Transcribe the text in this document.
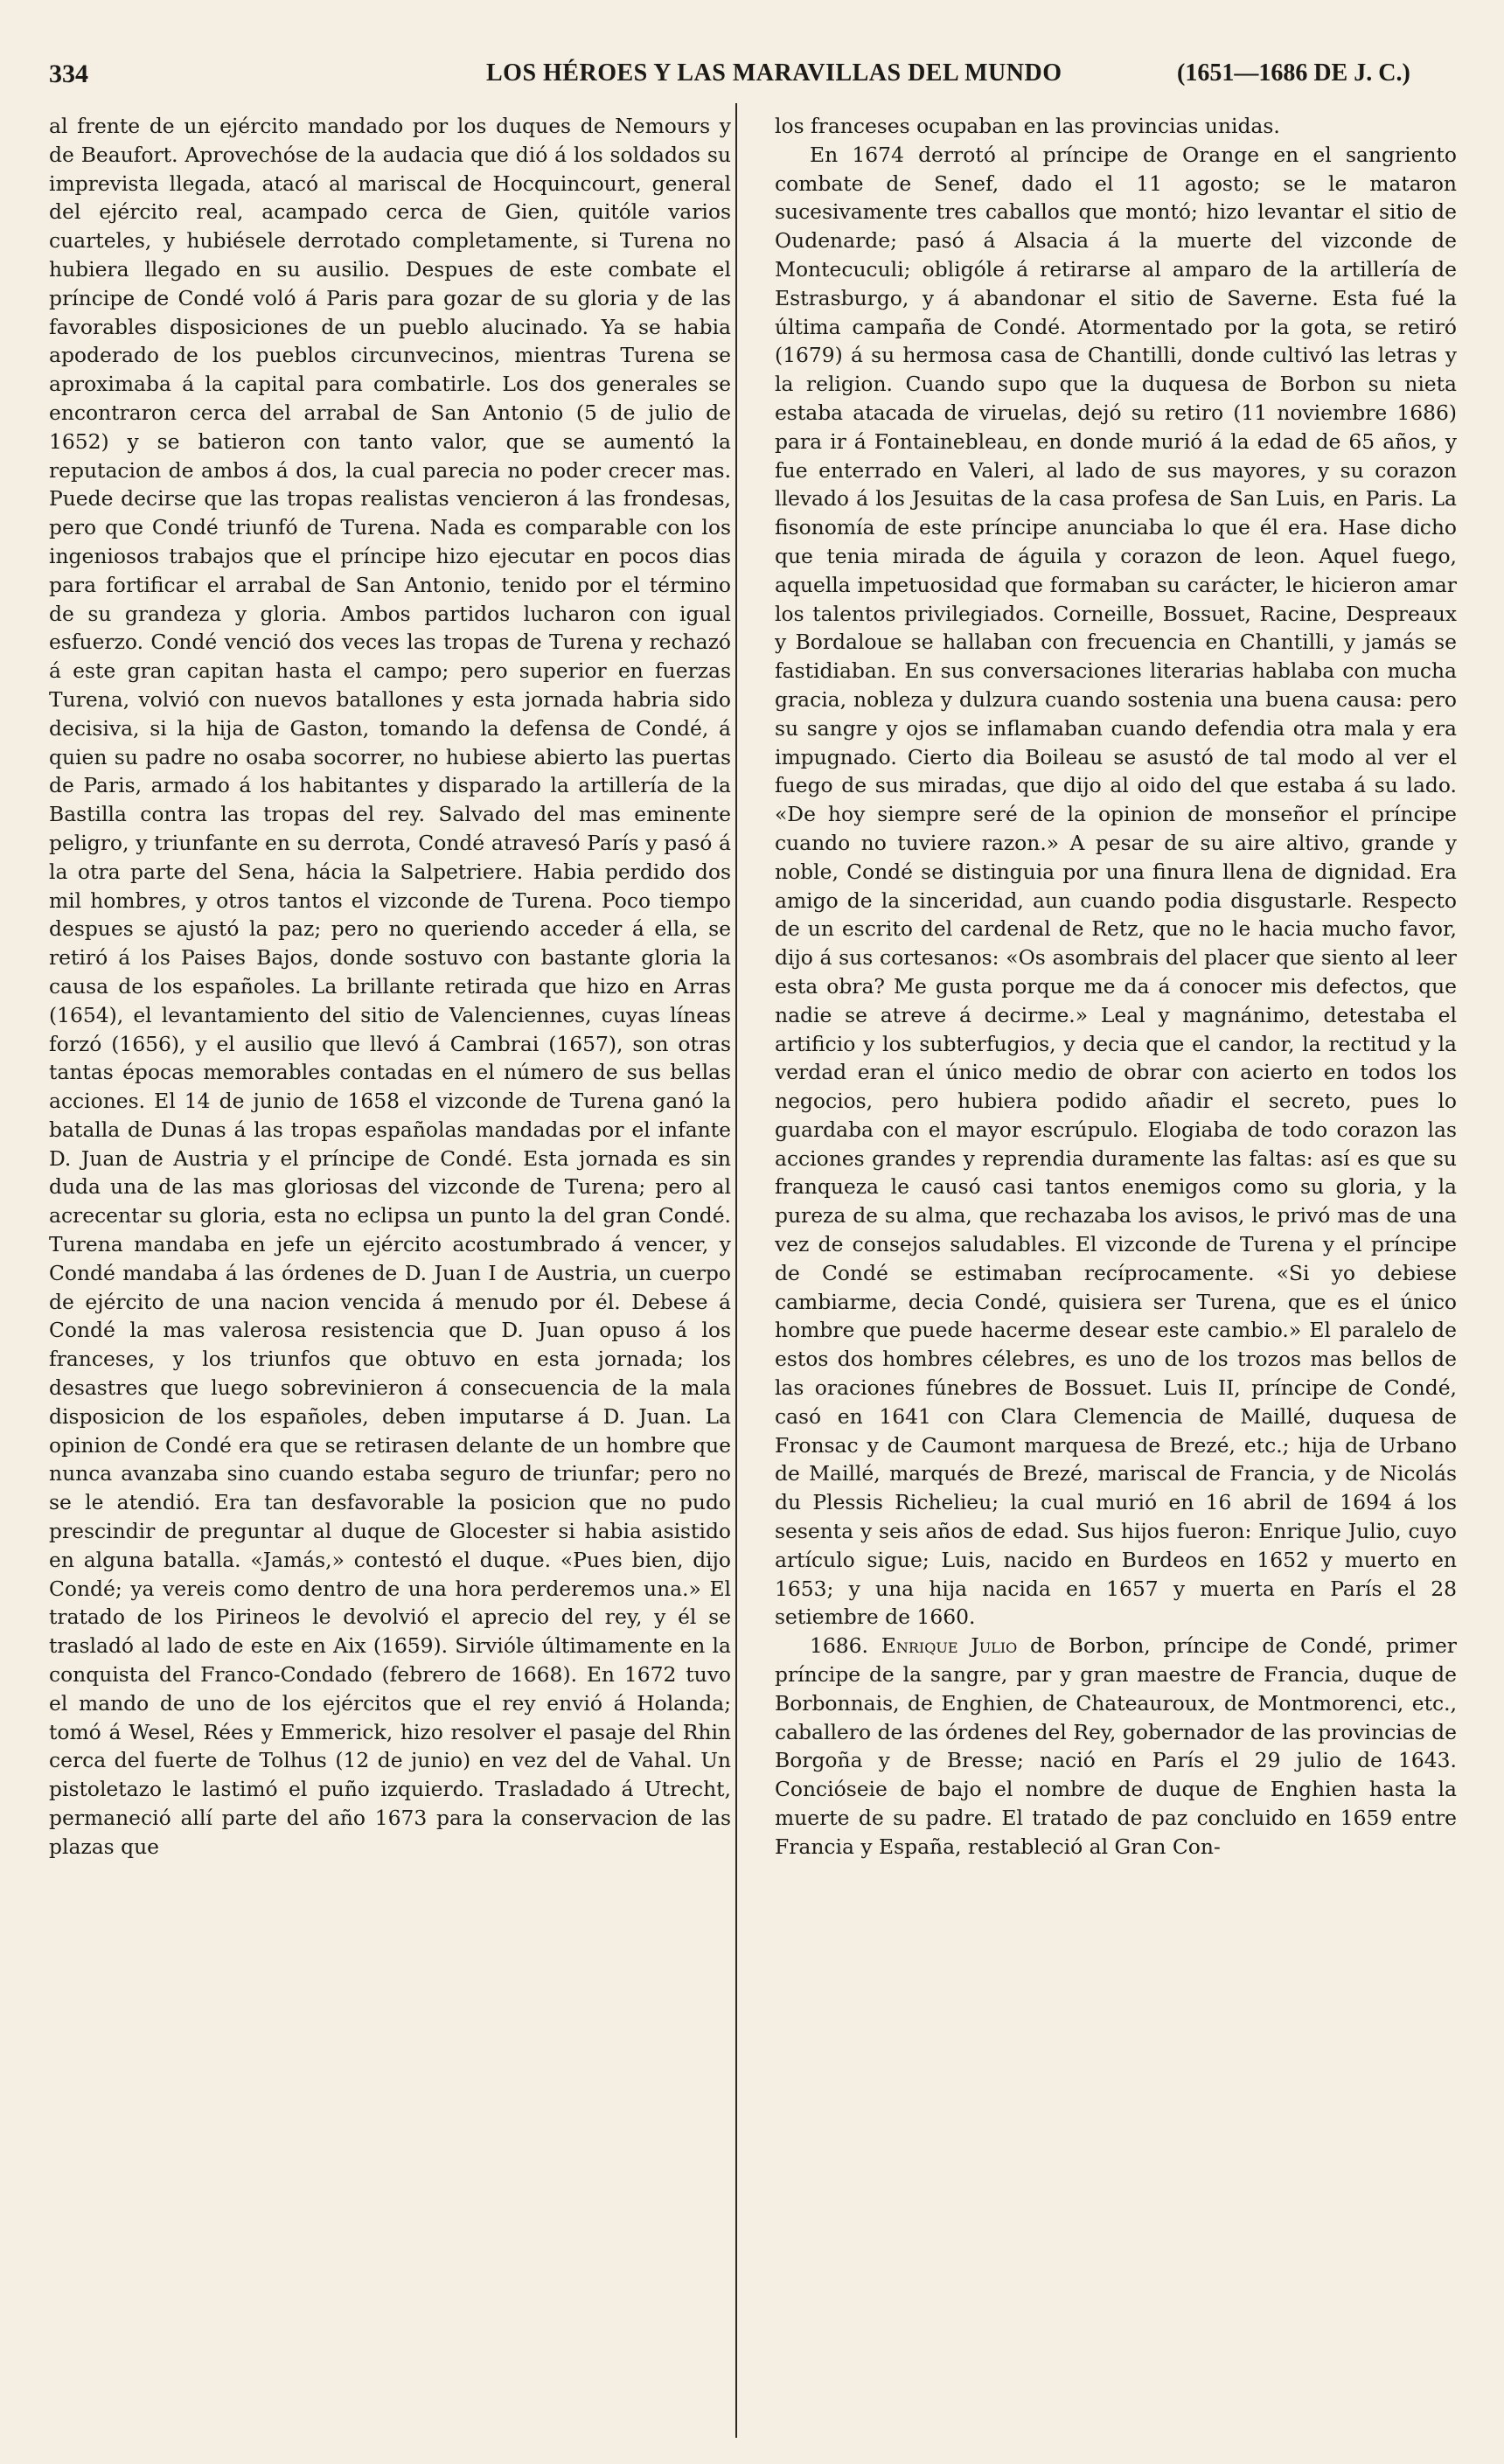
334	LOS HÉROES Y LAS MARAVILLAS DEL MUNDO	(1651—1686 DE J. C.)

al frente de un ejército mandado por los duques de Nemours y de Beaufort. Aprovechóse de la audacia que dió á los soldados su imprevista llegada, atacó al mariscal de Hocquincourt, general del ejército real, acampado cerca de Gien, quitóle varios cuarteles, y hubiésele derrotado completamente, si Turena no hubiera llegado en su ausilio. Despues de este combate el príncipe de Condé voló á Paris para gozar de su gloria y de las favorables disposiciones de un pueblo alucinado. Ya se habia apoderado de los pueblos circunvecinos, mientras Turena se aproximaba á la capital para combatirle. Los dos generales se encontraron cerca del arrabal de San Antonio (5 de julio de 1652) y se batieron con tanto valor, que se aumentó la reputacion de ambos á dos, la cual parecia no poder crecer mas. Puede decirse que las tropas realistas vencieron á las frondesas, pero que Condé triunfó de Turena. Nada es comparable con los ingeniosos trabajos que el príncipe hizo ejecutar en pocos dias para fortificar el arrabal de San Antonio, tenido por el término de su grandeza y gloria. Ambos partidos lucharon con igual esfuerzo. Condé venció dos veces las tropas de Turena y rechazó á este gran capitan hasta el campo; pero superior en fuerzas Turena, volvió con nuevos batallones y esta jornada habria sido decisiva, si la hija de Gaston, tomando la defensa de Condé, á quien su padre no osaba socorrer, no hubiese abierto las puertas de Paris, armado á los habitantes y disparado la artillería de la Bastilla contra las tropas del rey. Salvado del mas eminente peligro, y triunfante en su derrota, Condé atravesó París y pasó á la otra parte del Sena, hácia la Salpetriere. Habia perdido dos mil hombres, y otros tantos el vizconde de Turena. Poco tiempo despues se ajustó la paz; pero no queriendo acceder á ella, se retiró á los Paises Bajos, donde sostuvo con bastante gloria la causa de los españoles. La brillante retirada que hizo en Arras (1654), el levantamiento del sitio de Valenciennes, cuyas líneas forzó (1656), y el ausilio que llevó á Cambrai (1657), son otras tantas épocas memorables contadas en el número de sus bellas acciones. El 14 de junio de 1658 el vizconde de Turena ganó la batalla de Dunas á las tropas españolas mandadas por el infante D. Juan de Austria y el príncipe de Condé. Esta jornada es sin duda una de las mas gloriosas del vizconde de Turena; pero al acrecentar su gloria, esta no eclipsa un punto la del gran Condé. Turena mandaba en jefe un ejército acostumbrado á vencer, y Condé mandaba á las órdenes de D. Juan I de Austria, un cuerpo de ejército de una nacion vencida á menudo por él. Debese á Condé la mas valerosa resistencia que D. Juan opuso á los franceses, y los triunfos que obtuvo en esta jornada; los desastres que luego sobrevinieron á consecuencia de la mala disposicion de los españoles, deben imputarse á D. Juan. La opinion de Condé era que se retirasen delante de un hombre que nunca avanzaba sino cuando estaba seguro de triunfar; pero no se le atendió. Era tan desfavorable la posicion que no pudo prescindir de preguntar al duque de Glocester si habia asistido en alguna batalla. «Jamás,» contestó el duque. «Pues bien, dijo Condé; ya vereis como dentro de una hora perderemos una.» El tratado de los Pirineos le devolvió el aprecio del rey, y él se trasladó al lado de este en Aix (1659). Sirvióle últimamente en la conquista del Franco-Condado (febrero de 1668). En 1672 tuvo el mando de uno de los ejércitos que el rey envió á Holanda; tomó á Wesel, Rées y Emmerick, hizo resolver el pasaje del Rhin cerca del fuerte de Tolhus (12 de junio) en vez del de Vahal. Un pistoletazo le lastimó el puño izquierdo. Trasladado á Utrecht, permaneció allí parte del año 1673 para la conservacion de las plazas que

los franceses ocupaban en las provincias unidas.

En 1674 derrotó al príncipe de Orange en el sangriento combate de Senef, dado el 11 agosto; se le mataron sucesivamente tres caballos que montó; hizo levantar el sitio de Oudenarde; pasó á Alsacia á la muerte del vizconde de Montecuculi; obligóle á retirarse al amparo de la artillería de Estrasburgo, y á abandonar el sitio de Saverne. Esta fué la última campaña de Condé. Atormentado por la gota, se retiró (1679) á su hermosa casa de Chantilli, donde cultivó las letras y la religion. Cuando supo que la duquesa de Borbon su nieta estaba atacada de viruelas, dejó su retiro (11 noviembre 1686) para ir á Fontainebleau, en donde murió á la edad de 65 años, y fue enterrado en Valeri, al lado de sus mayores, y su corazon llevado á los Jesuitas de la casa profesa de San Luis, en Paris. La fisonomía de este príncipe anunciaba lo que él era. Hase dicho que tenia mirada de águila y corazon de leon. Aquel fuego, aquella impetuosidad que formaban su carácter, le hicieron amar los talentos privilegiados. Corneille, Bossuet, Racine, Despreaux y Bordaloue se hallaban con frecuencia en Chantilli, y jamás se fastidiaban. En sus conversaciones literarias hablaba con mucha gracia, nobleza y dulzura cuando sostenia una buena causa: pero su sangre y ojos se inflamaban cuando defendia otra mala y era impugnado. Cierto dia Boileau se asustó de tal modo al ver el fuego de sus miradas, que dijo al oido del que estaba á su lado. «De hoy siempre seré de la opinion de monseñor el príncipe cuando no tuviere razon.» A pesar de su aire altivo, grande y noble, Condé se distinguia por una finura llena de dignidad. Era amigo de la sinceridad, aun cuando podia disgustarle. Respecto de un escrito del cardenal de Retz, que no le hacia mucho favor, dijo á sus cortesanos: «Os asombrais del placer que siento al leer esta obra? Me gusta porque me da á conocer mis defectos, que nadie se atreve á decirme.» Leal y magnánimo, detestaba el artificio y los subterfugios, y decia que el candor, la rectitud y la verdad eran el único medio de obrar con acierto en todos los negocios, pero hubiera podido añadir el secreto, pues lo guardaba con el mayor escrúpulo. Elogiaba de todo corazon las acciones grandes y reprendia duramente las faltas: así es que su franqueza le causó casi tantos enemigos como su gloria, y la pureza de su alma, que rechazaba los avisos, le privó mas de una vez de consejos saludables. El vizconde de Turena y el príncipe de Condé se estimaban recíprocamente. «Si yo debiese cambiarme, decia Condé, quisiera ser Turena, que es el único hombre que puede hacerme desear este cambio.» El paralelo de estos dos hombres célebres, es uno de los trozos mas bellos de las oraciones fúnebres de Bossuet. Luis II, príncipe de Condé, casó en 1641 con Clara Clemencia de Maillé, duquesa de Fronsac y de Caumont marquesa de Brezé, etc.; hija de Urbano de Maillé, marqués de Brezé, mariscal de Francia, y de Nicolás du Plessis Richelieu; la cual murió en 16 abril de 1694 á los sesenta y seis años de edad. Sus hijos fueron: Enrique Julio, cuyo artículo sigue; Luis, nacido en Burdeos en 1652 y muerto en 1653; y una hija nacida en 1657 y muerta en París el 28 setiembre de 1660.

1686. Enrique Julio de Borbon, príncipe de Condé, primer príncipe de la sangre, par y gran maestre de Francia, duque de Borbonnais, de Enghien, de Chateauroux, de Montmorenci, etc., caballero de las órdenes del Rey, gobernador de las provincias de Borgoña y de Bresse; nació en París el 29 julio de 1643. Concióseie de bajo el nombre de duque de Enghien hasta la muerte de su padre. El tratado de paz concluido en 1659 entre Francia y España, restableció al Gran Con-
